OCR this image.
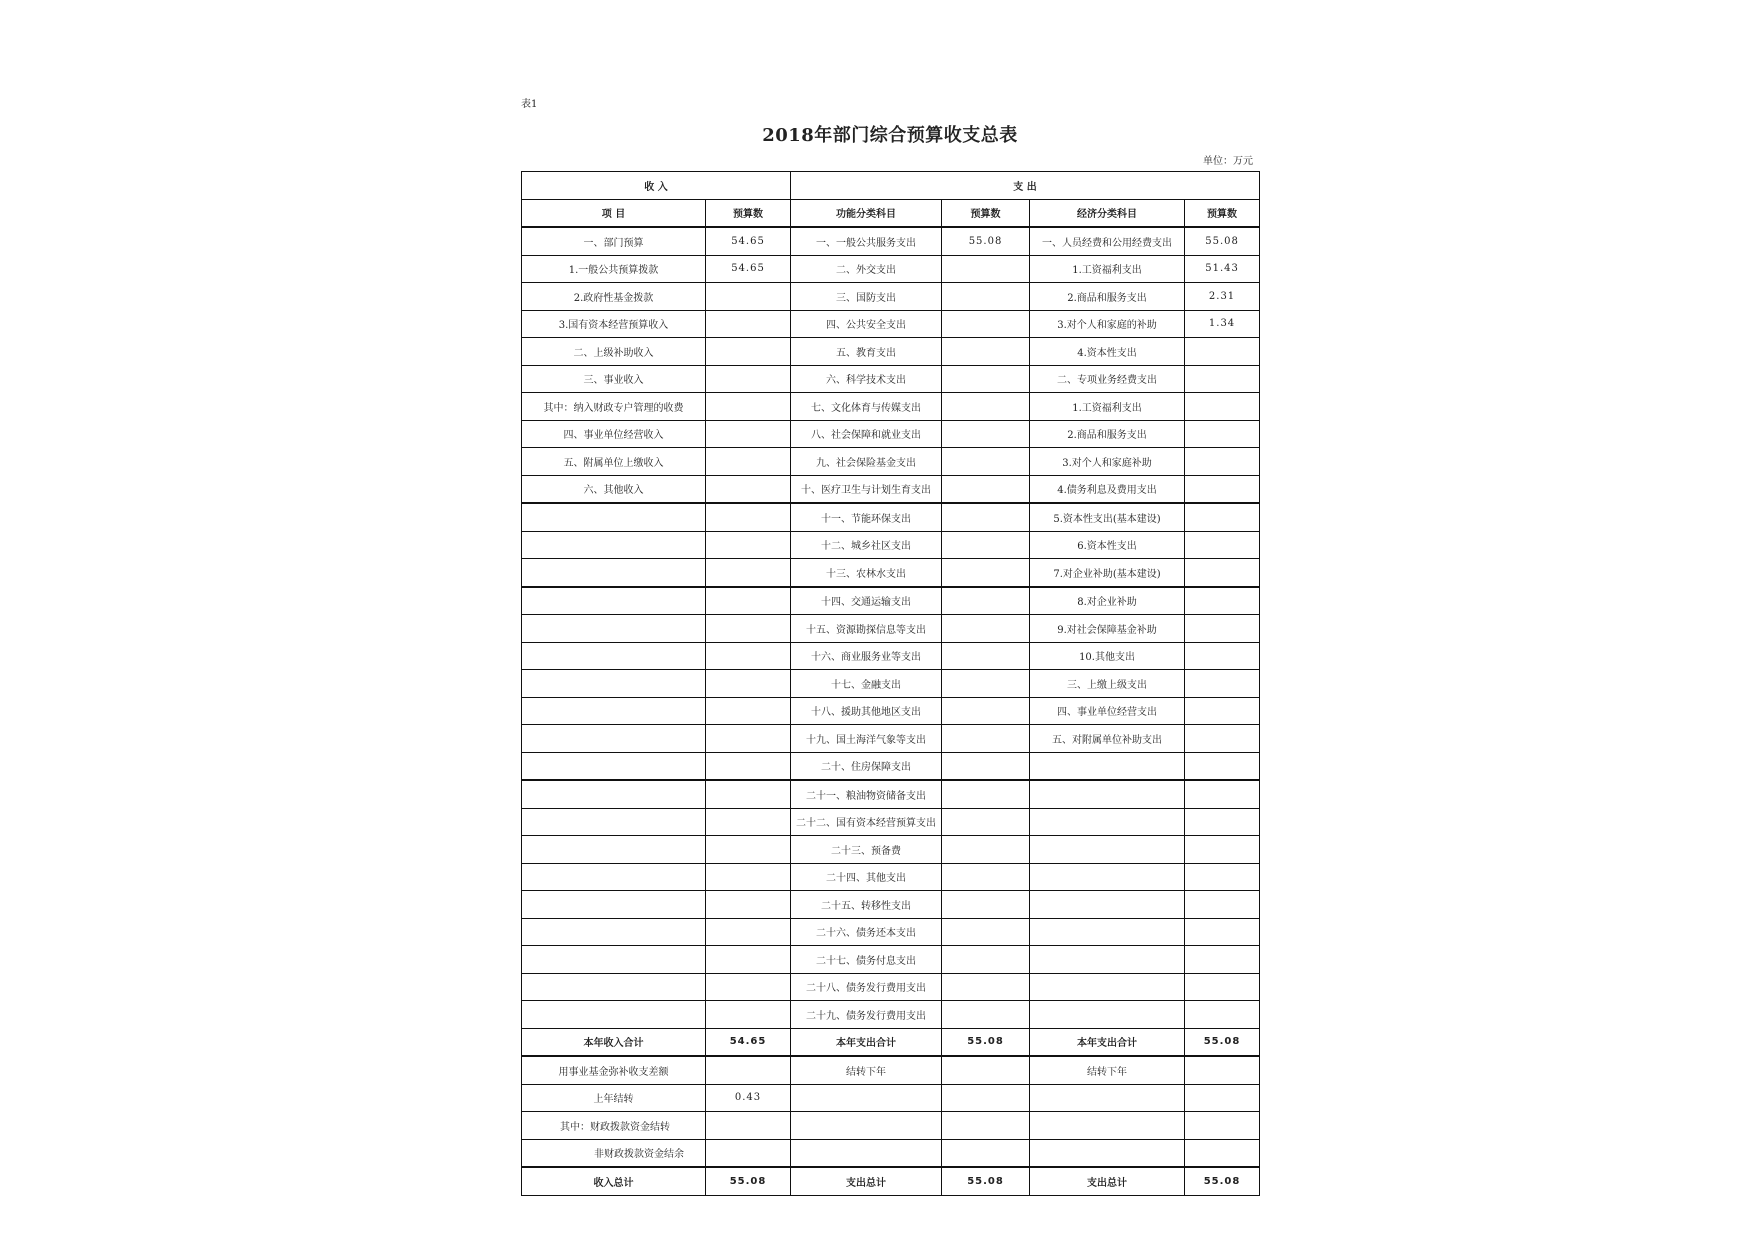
表1
2018年部门综合预算收支总表
单位：万元
收 入		支 出			
项 目	预算数	功能分类科目	预算数	经济分类科目	预算数
一、部门预算	54.65	一、一般公共服务支出	55.08	一、人员经费和公用经费支出	55.08
1.一般公共预算拨款	54.65	二、外交支出		1.工资福利支出	51.43
2.政府性基金拨款		三、国防支出		2.商品和服务支出	2.31
3.国有资本经营预算收入		四、公共安全支出		3.对个人和家庭的补助	1.34
二、上级补助收入		五、教育支出		4.资本性支出	
三、事业收入		六、科学技术支出		二、专项业务经费支出	
其中：纳入财政专户管理的收费		七、文化体育与传媒支出		1.工资福利支出	
四、事业单位经营收入		八、社会保障和就业支出		2.商品和服务支出	
五、附属单位上缴收入		九、社会保险基金支出		3.对个人和家庭补助	
六、其他收入		十、医疗卫生与计划生育支出		4.债务利息及费用支出	
		十一、节能环保支出		5.资本性支出(基本建设)	
		十二、城乡社区支出		6.资本性支出	
		十三、农林水支出		7.对企业补助(基本建设)	
		十四、交通运输支出		8.对企业补助	
		十五、资源勘探信息等支出		9.对社会保障基金补助	
		十六、商业服务业等支出		10.其他支出	
		十七、金融支出		三、上缴上级支出	
		十八、援助其他地区支出		四、事业单位经营支出	
		十九、国土海洋气象等支出		五、对附属单位补助支出	
		二十、住房保障支出			
		二十一、粮油物资储备支出			
		二十二、国有资本经营预算支出			
		二十三、预备费			
		二十四、其他支出			
		二十五、转移性支出			
		二十六、债务还本支出			
		二十七、债务付息支出			
		二十八、债务发行费用支出			
		二十九、债务发行费用支出			
本年收入合计	54.65	本年支出合计	55.08	本年支出合计	55.08
用事业基金弥补收支差额		结转下年		结转下年	
上年结转	0.43				
其中：财政拨款资金结转					
非财政拨款资金结余					
收入总计	55.08	支出总计	55.08	支出总计	55.08
